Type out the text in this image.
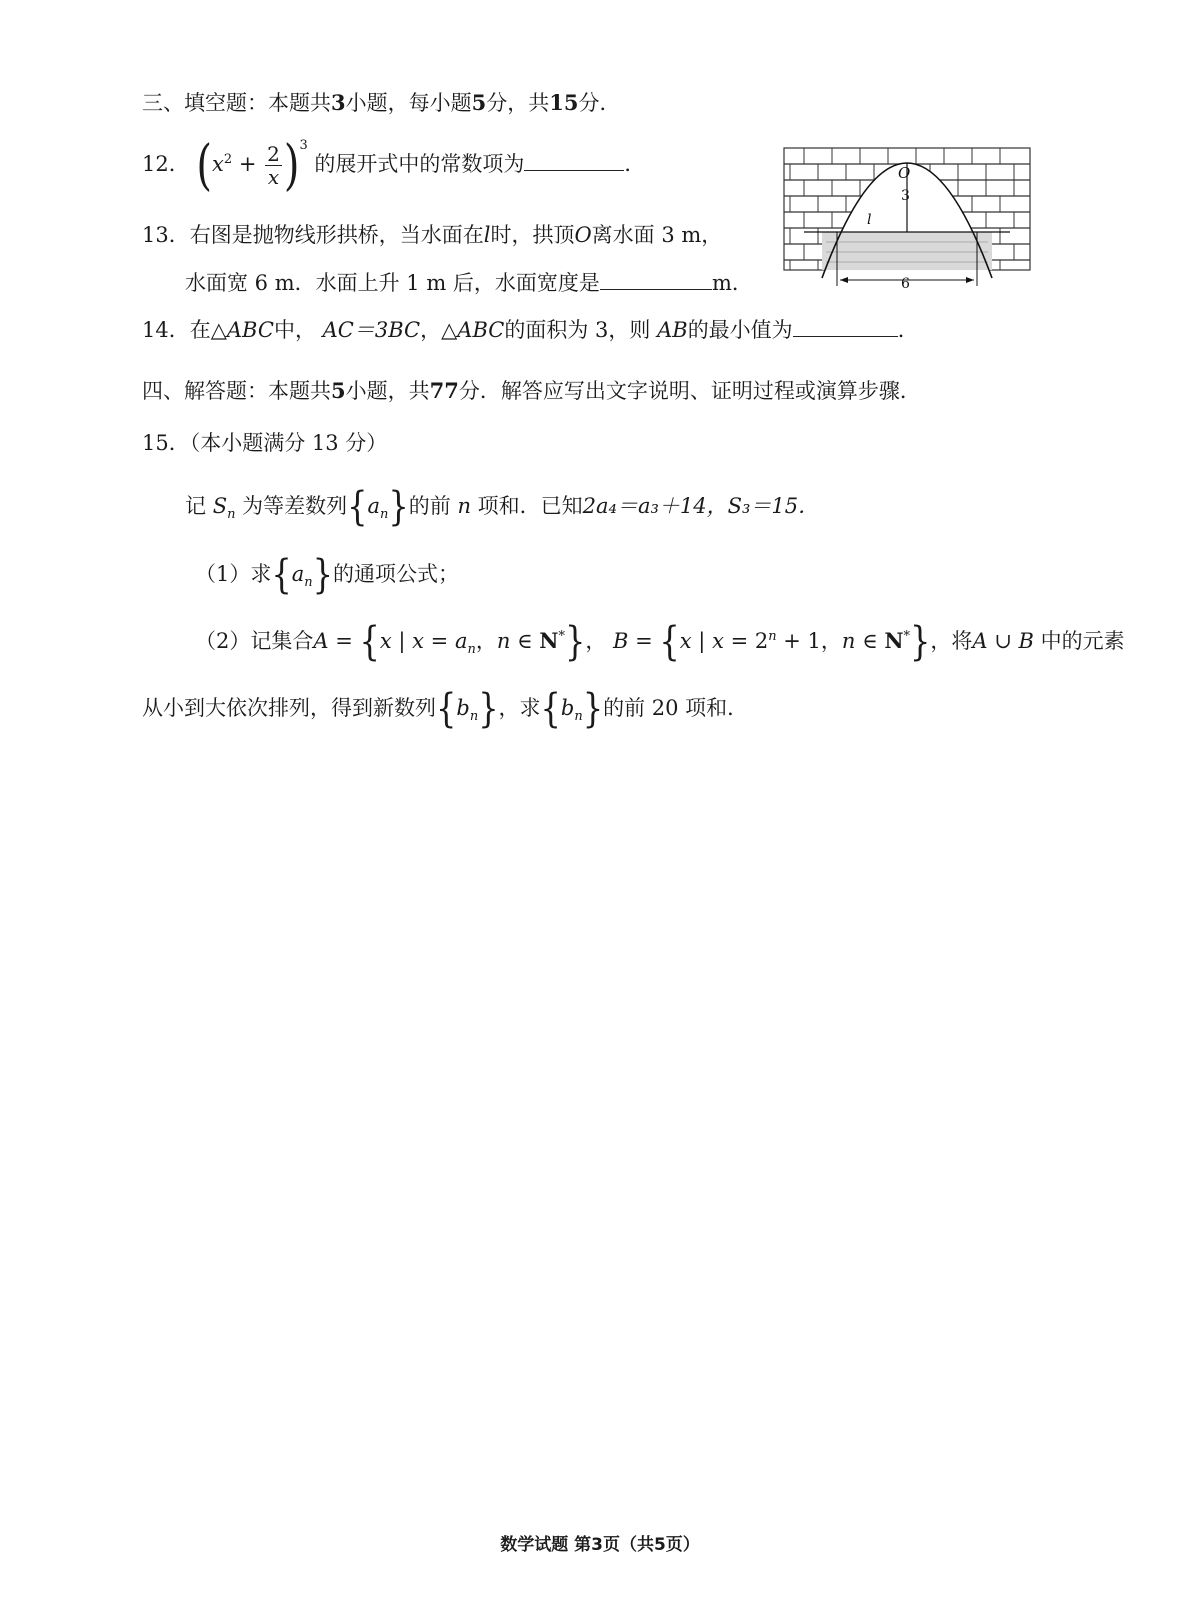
三、填空题：本题共3小题，每小题5分，共15分．
12． $(x^2 + \frac{2}{x} )^3$ 的展开式中的常数项为	．
13．右图是抛物线形拱桥，当水面在l时，拱顶O离水面 3 m，
水面宽 6 m．水面上升 1 m 后，水面宽度是	m．
O
3
l
6
14．在△ABC中， AC＝3BC，△ABC的面积为 3，则 AB的最小值为	．
四、解答题：本题共5小题，共77分．解答应写出文字说明、证明过程或演算步骤．
15．（本小题满分 13 分）
记 $S_n$ 为等差数列$\{a_n\}$的前 n 项和．已知2a₄＝a₃＋14，S₃＝15．
（1）求$\{a_n\}$的通项公式；
（2）记集合A = {x | $x = a_n$，n ∈ N*}， B = {x | $x = 2^n + 1$，n ∈ N*}，将A ∪ B 中的元素
从小到大依次排列，得到新数列$\{b_n\}$，求$\{b_n\}$的前 20 项和．
数学试题 第3页（共5页）
